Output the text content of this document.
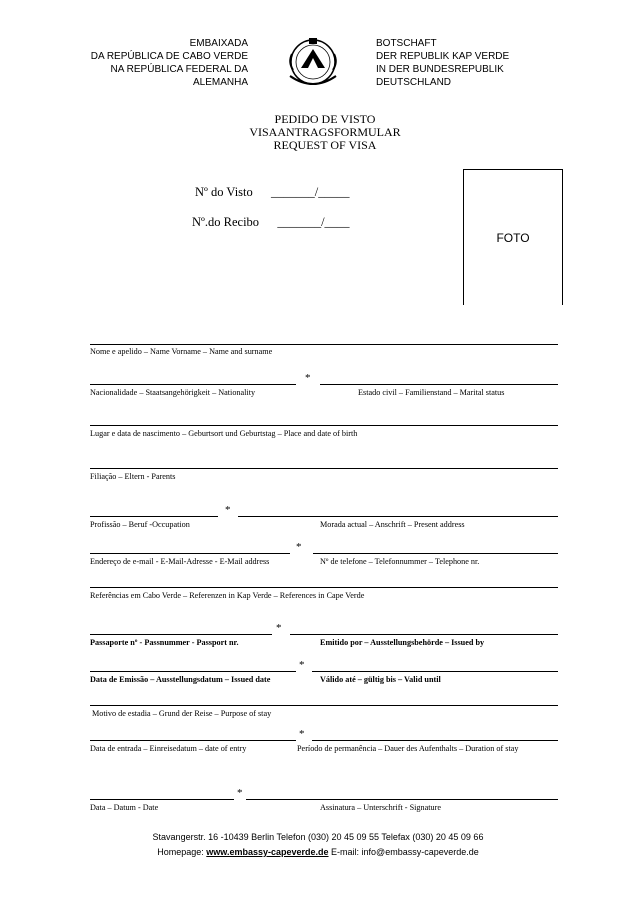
EMBAIXADA
DA REPÚBLICA DE CABO VERDE
NA REPÚBLICA FEDERAL DA
ALEMANHA
BOTSCHAFT
DER REPUBLIK KAP VERDE
IN DER BUNDESREPUBLIK
DEUTSCHLAND
PEDIDO DE VISTO
VISAANTRAGSFORMULAR
REQUEST OF VISA
Nº do Visto _______/_____
Nº.do Recibo _______/____
FOTO
Nome e apelido – Name Vorname – Name and surname
*
Nacionalidade – Staatsangehörigkeit – Nationality	Estado civil – Familienstand – Marital status
Lugar e data de nascimento – Geburtsort und Geburtstag – Place and date of birth
Filiação – Eltern - Parents
*
Profissão – Beruf -Occupation	Morada actual – Anschrift – Present address
*
Endereço de e-mail - E-Mail-Adresse - E-Mail address	Nº de telefone – Telefonnummer – Telephone nr.
Referências em Cabo Verde – Referenzen in Kap Verde – References in Cape Verde
*
Passaporte nº - Passnummer - Passport nr.	Emitido por – Ausstellungsbehörde – Issued by
*
Data de Emissão – Ausstellungsdatum – Issued date	Válido até – gültig bis – Valid until
Motivo de estadia – Grund der Reise – Purpose of stay
*
Data de entrada – Einreisedatum – date of entry	Período de permanência – Dauer des Aufenthalts – Duration of stay
*
Data – Datum - Date	Assinatura – Unterschrift - Signature
Stavangerstr. 16 -10439 Berlin Telefon (030) 20 45 09 55 Telefax (030) 20 45 09 66
Homepage: www.embassy-capeverde.de E-mail: info@embassy-capeverde.de
